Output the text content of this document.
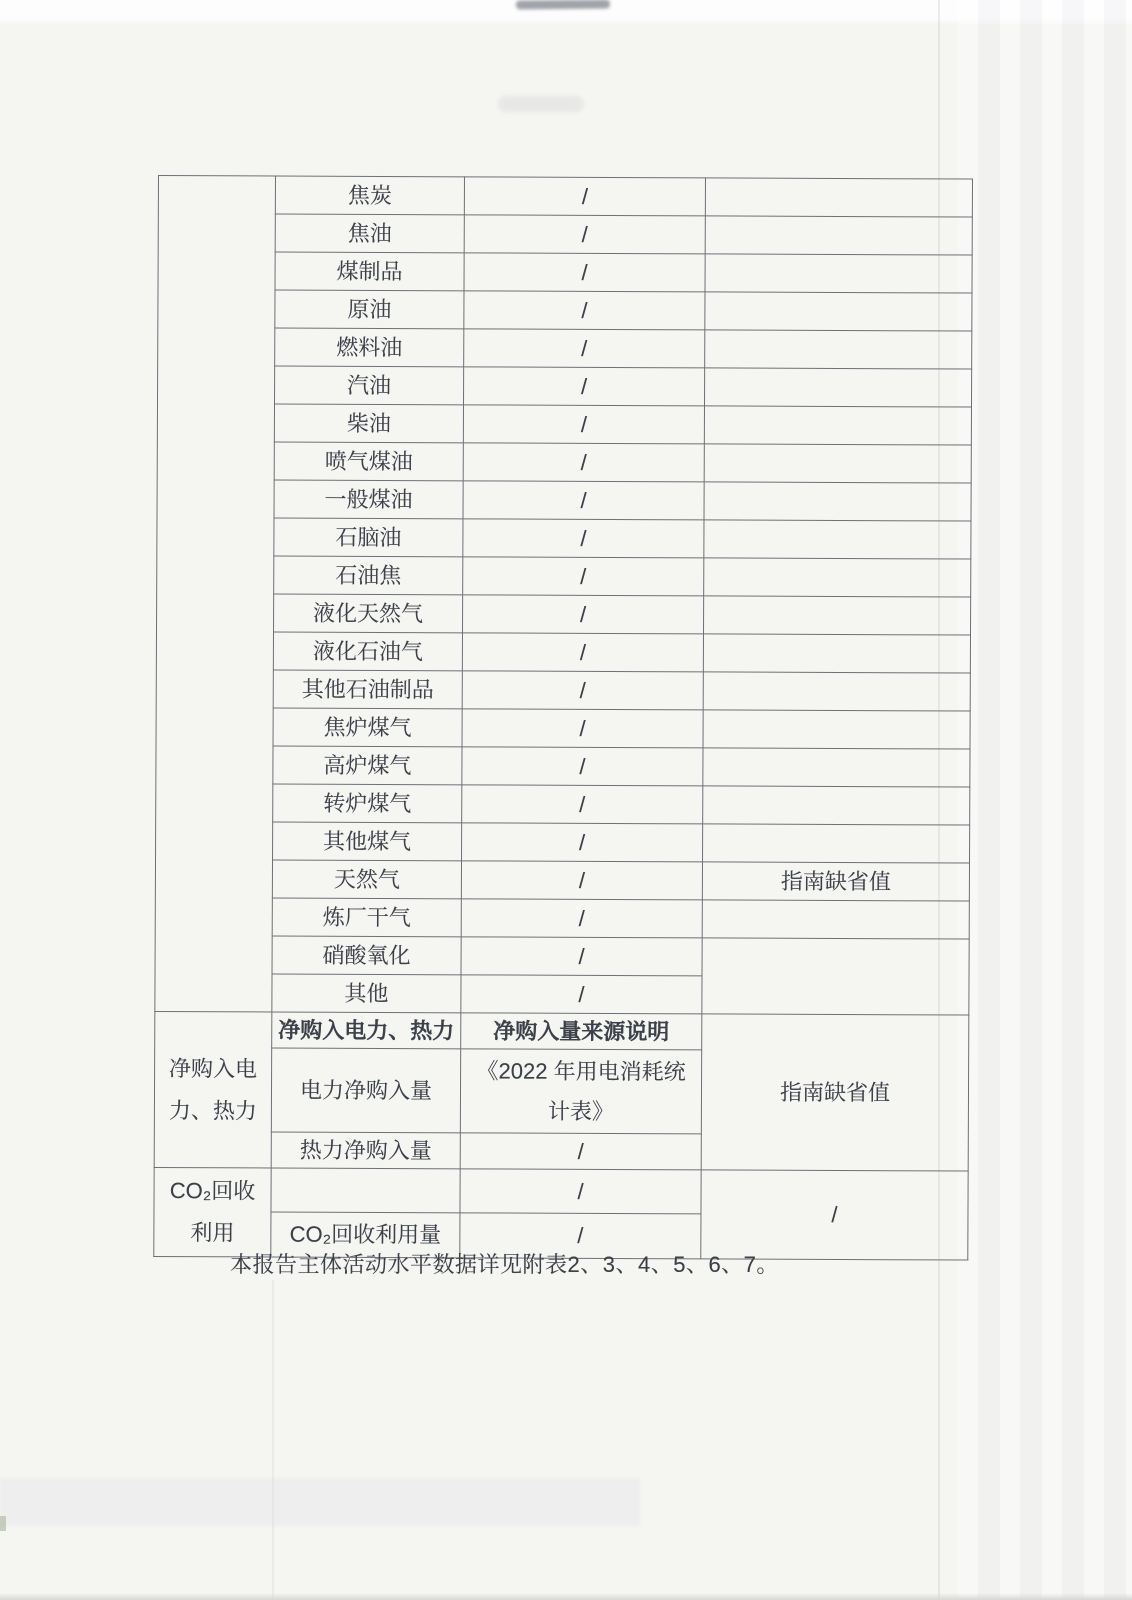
	焦炭	/	
	焦油	/	
	煤制品	/	
	原油	/	
	燃料油	/	
	汽油	/	
	柴油	/	
	喷气煤油	/	
	一般煤油	/	
	石脑油	/	
	石油焦	/	
	液化天然气	/	
	液化石油气	/	
	其他石油制品	/	
	焦炉煤气	/	
	高炉煤气	/	
	转炉煤气	/	
	其他煤气	/	
	天然气	/	指南缺省值
	炼厂干气	/	
	硝酸氧化	/	
	其他	/	
净购入电力、热力	净购入电力、热力	净购入量来源说明	指南缺省值
	电力净购入量	《2022 年用电消耗统计表》	
	热力净购入量	/	
CO₂回收利用		/	/
	CO₂回收利用量	/	
本报告主体活动水平数据详见附表2、3、4、5、6、7。
